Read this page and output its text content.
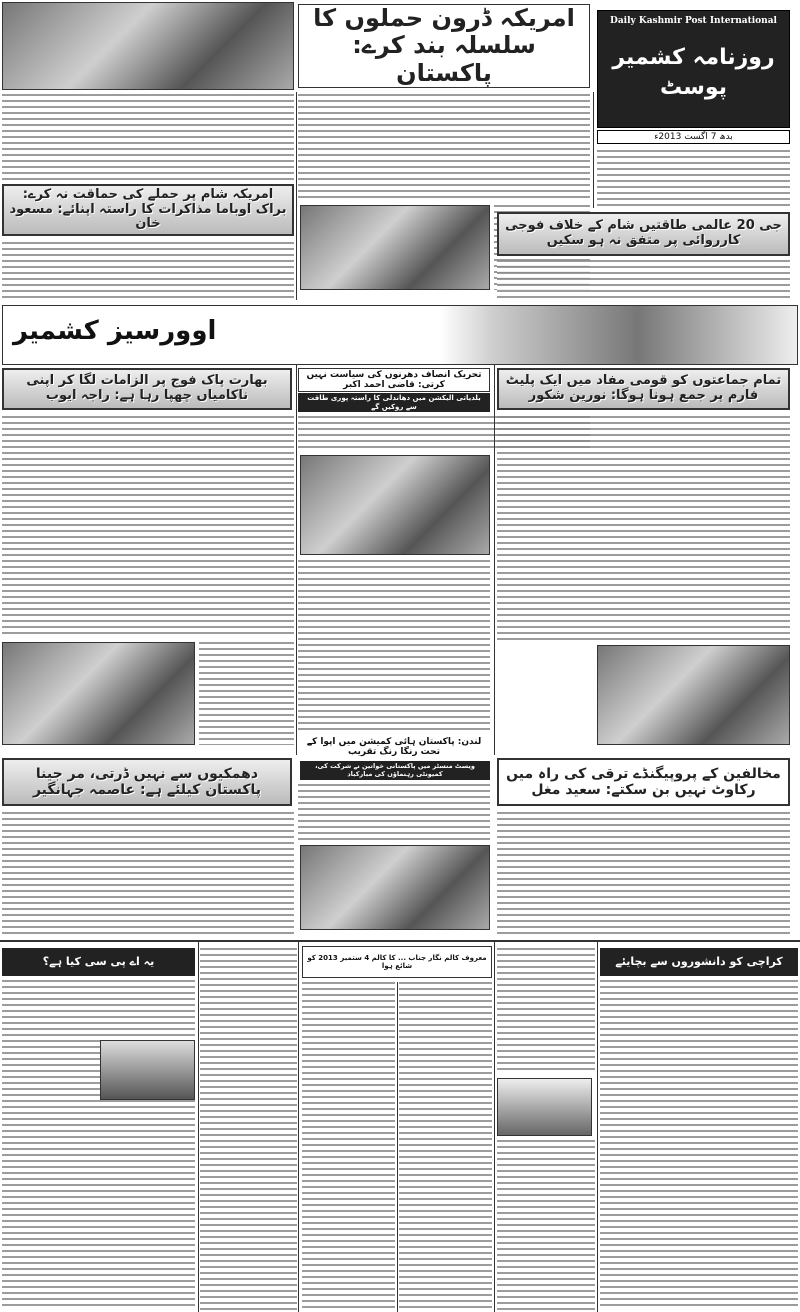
امریکہ ڈرون حملوں کا سلسلہ بند کرے: پاکستان
Daily Kashmir Post International
روزنامہ کشمیر پوسٹ
بدھ 7 اگست 2013ء
امریکہ شام پر حملے کی حماقت نہ کرے: براک اوباما مذاکرات کا راستہ اپنائے: مسعود خان	جی 20 عالمی طاقتیں شام کے خلاف فوجی کارروائی پر متفق نہ ہو سکیں
اوورسیز کشمیر
بھارت پاک فوج پر الزامات لگا کر اپنی ناکامیاں چھپا رہا ہے: راجہ ایوب
تحریک انصاف دھرنوں کی سیاست نہیں کرتی: قاضی احمد اکبر
بلدیاتی الیکشن میں دھاندلی کا راستہ پوری طاقت سے روکیں گے
تمام جماعتوں کو قومی مفاد میں ایک پلیٹ فارم پر جمع ہونا ہوگا: نورین شکور
دھمکیوں سے نہیں ڈرتی، مر جینا پاکستان کیلئے ہے: عاصمہ جہانگیر
لندن: پاکستان ہائی کمیشن میں اپوا کے تحت رنگا رنگ تقریب
ویسٹ منسٹر میں پاکستانی خواتین نے شرکت کی، کمیونٹی رہنماؤں کی مبارکباد	مخالفین کے پروپیگنڈے ترقی کی راہ میں رکاوٹ نہیں بن سکتے: سعید مغل
یہ اے پی سی کیا ہے؟	معروف کالم نگار جناب ... کا کالم 4 ستمبر 2013 کو شائع ہوا	کراچی کو دانشوروں سے بچایئے
